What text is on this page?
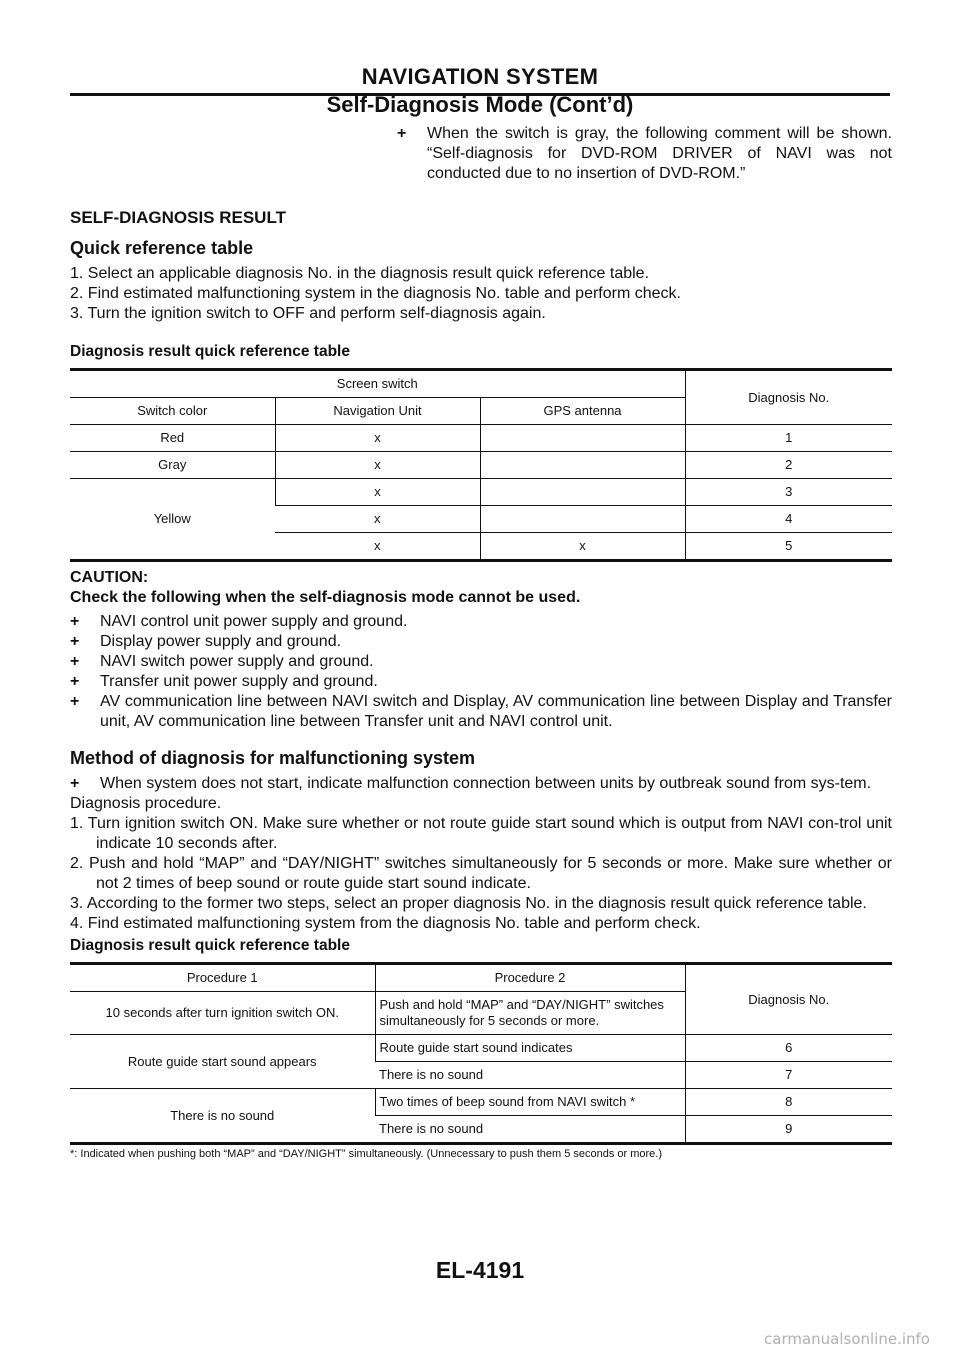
NAVIGATION SYSTEM
Self-Diagnosis Mode (Cont’d)
+ When the switch is gray, the following comment will be shown. “Self-diagnosis for DVD-ROM DRIVER of NAVI was not conducted due to no insertion of DVD-ROM.”
SELF-DIAGNOSIS RESULT
Quick reference table
1. Select an applicable diagnosis No. in the diagnosis result quick reference table.
2. Find estimated malfunctioning system in the diagnosis No. table and perform check.
3. Turn the ignition switch to OFF and perform self-diagnosis again.
Diagnosis result quick reference table
Screen switch			Diagnosis No.
Switch color	Navigation Unit	GPS antenna	
Red	x		1
Gray	x		2
Yellow	x		3
	x		4
	x	x	5
CAUTION:
Check the following when the self-diagnosis mode cannot be used.
+ NAVI control unit power supply and ground.
+ Display power supply and ground.
+ NAVI switch power supply and ground.
+ Transfer unit power supply and ground.
+ AV communication line between NAVI switch and Display, AV communication line between Display and Transfer unit, AV communication line between Transfer unit and NAVI control unit.
Method of diagnosis for malfunctioning system
+ When system does not start, indicate malfunction connection between units by outbreak sound from sys-tem.
Diagnosis procedure.
1. Turn ignition switch ON. Make sure whether or not route guide start sound which is output from NAVI con-trol unit indicate 10 seconds after.
2. Push and hold “MAP” and “DAY/NIGHT” switches simultaneously for 5 seconds or more. Make sure whether or not 2 times of beep sound or route guide start sound indicate.
3. According to the former two steps, select an proper diagnosis No. in the diagnosis result quick reference table.
4. Find estimated malfunctioning system from the diagnosis No. table and perform check.
Diagnosis result quick reference table
Procedure 1	Procedure 2	Diagnosis No.
10 seconds after turn ignition switch ON.	Push and hold “MAP” and “DAY/NIGHT” switches simultaneously for 5 seconds or more.	
Route guide start sound appears	Route guide start sound indicates	6
	There is no sound	7
There is no sound	Two times of beep sound from NAVI switch *	8
	There is no sound	9
*: Indicated when pushing both “MAP” and “DAY/NIGHT” simultaneously. (Unnecessary to push them 5 seconds or more.)
EL-4191
carmanualsonline.info
